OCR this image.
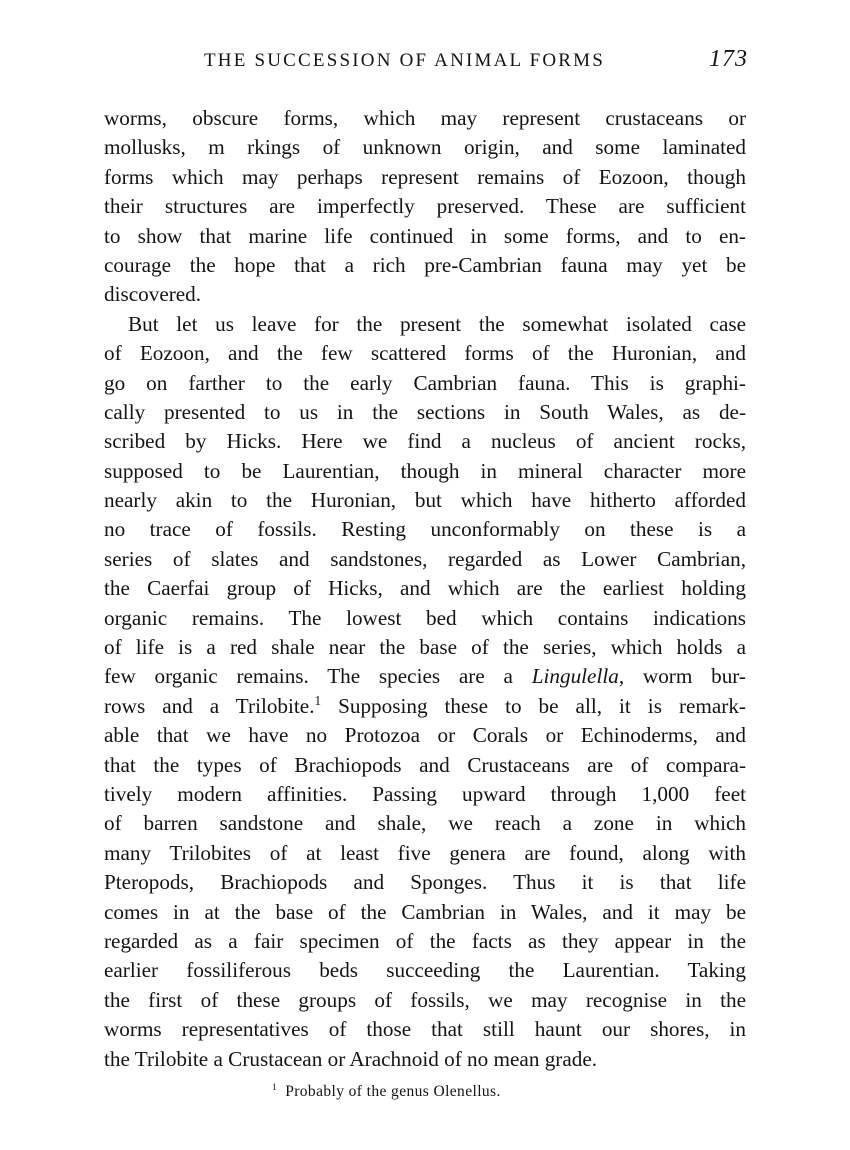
THE SUCCESSION OF ANIMAL FORMS	173
worms, obscure forms, which may represent crustaceans or
mollusks, m rkings of unknown origin, and some laminated
forms which may perhaps represent remains of Eozoon, though
their structures are imperfectly preserved. These are sufficient
to show that marine life continued in some forms, and to en-
courage the hope that a rich pre-Cambrian fauna may yet be
discovered.
But let us leave for the present the somewhat isolated case
of Eozoon, and the few scattered forms of the Huronian, and
go on farther to the early Cambrian fauna. This is graphi-
cally presented to us in the sections in South Wales, as de-
scribed by Hicks. Here we find a nucleus of ancient rocks,
supposed to be Laurentian, though in mineral character more
nearly akin to the Huronian, but which have hitherto afforded
no trace of fossils. Resting unconformably on these is a
series of slates and sandstones, regarded as Lower Cambrian,
the Caerfai group of Hicks, and which are the earliest holding
organic remains. The lowest bed which contains indications
of life is a red shale near the base of the series, which holds a
few organic remains. The species are a Lingulella, worm bur-
rows and a Trilobite.$^1$ Supposing these to be all, it is remark-
able that we have no Protozoa or Corals or Echinoderms, and
that the types of Brachiopods and Crustaceans are of compara-
tively modern affinities. Passing upward through 1,000 feet
of barren sandstone and shale, we reach a zone in which
many Trilobites of at least five genera are found, along with
Pteropods, Brachiopods and Sponges. Thus it is that life
comes in at the base of the Cambrian in Wales, and it may be
regarded as a fair specimen of the facts as they appear in the
earlier fossiliferous beds succeeding the Laurentian. Taking
the first of these groups of fossils, we may recognise in the
worms representatives of those that still haunt our shores, in
the Trilobite a Crustacean or Arachnoid of no mean grade.
$^1$ Probably of the genus Olenellus.
